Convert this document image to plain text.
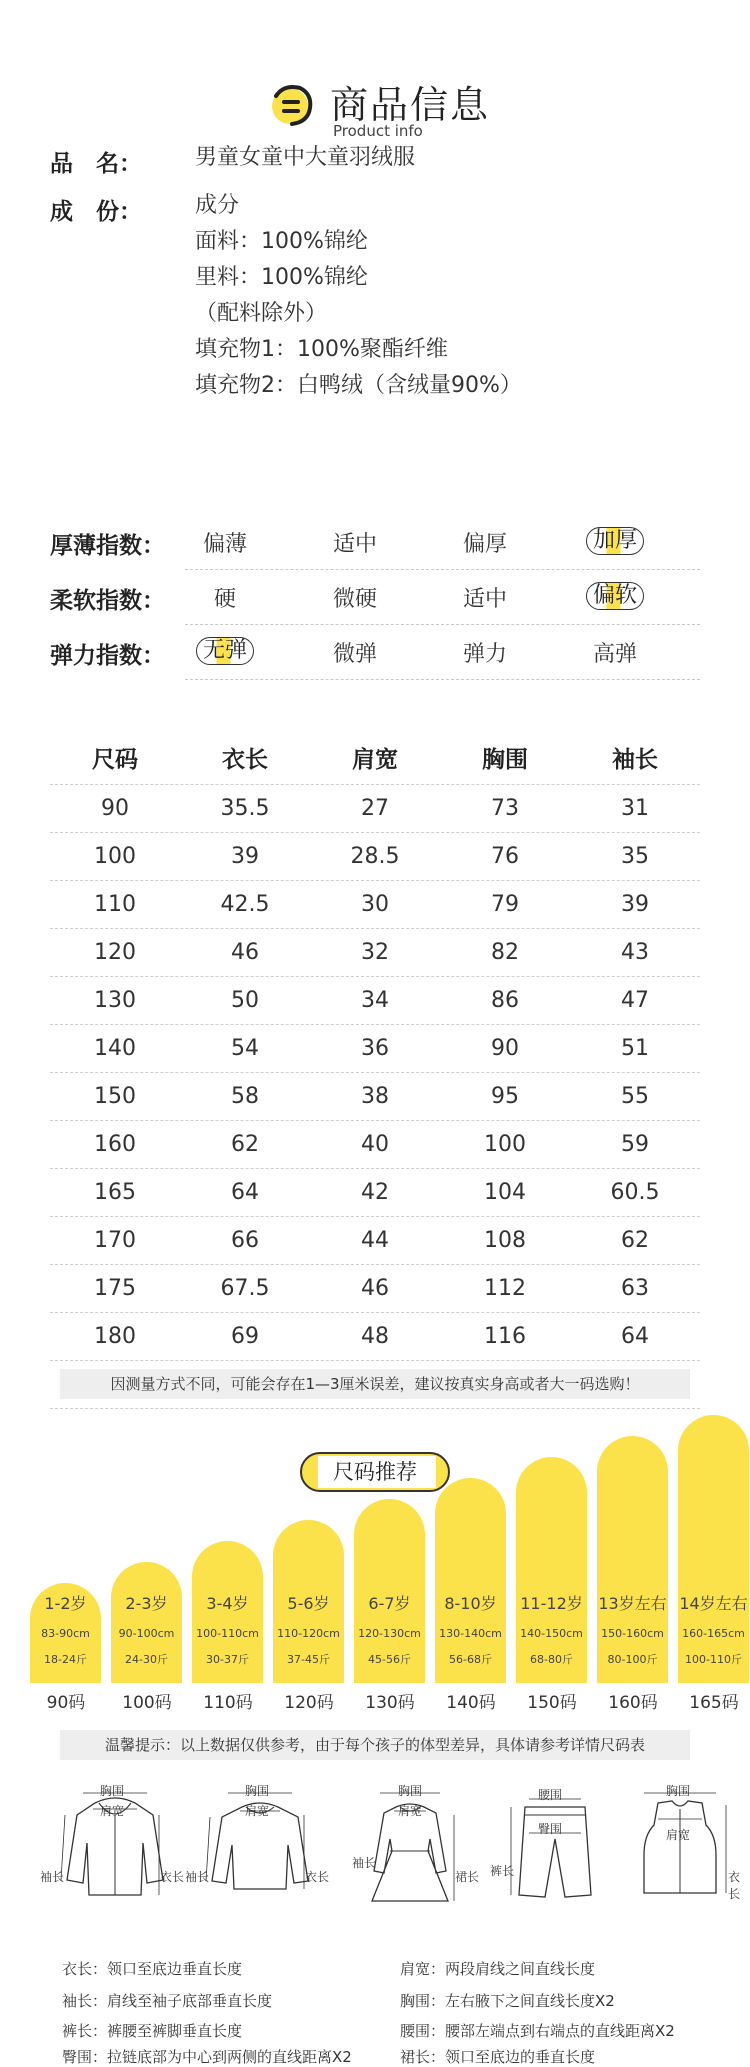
商品信息
Product info
品　名： 男童女童中大童羽绒服
成　份： 成分
面料：100%锦纶
里料：100%锦纶
（配料除外）
填充物1：100%聚酯纤维
填充物2：白鸭绒（含绒量90%）
厚薄指数：	偏薄	适中	偏厚	加厚
柔软指数：	硬	微硬	适中	偏软
弹力指数：	无弹	微弹	弹力	高弹
尺码	衣长	肩宽	胸围	袖长
90	35.5	27	73	31
100	39	28.5	76	35
110	42.5	30	79	39
120	46	32	82	43
130	50	34	86	47
140	54	36	90	51
150	58	38	95	55
160	62	40	100	59
165	64	42	104	60.5
170	66	44	108	62
175	67.5	46	112	63
180	69	48	116	64
因测量方式不同，可能会存在1—3厘米误差，建议按真实身高或者大一码选购！
尺码推荐
1-2岁
83-90cm
18-24斤
90码
2-3岁
90-100cm
24-30斤
100码
3-4岁
100-110cm
30-37斤
110码
5-6岁
110-120cm
37-45斤
120码
6-7岁
120-130cm
45-56斤
130码
8-10岁
130-140cm
56-68斤
140码
11-12岁
140-150cm
68-80斤
150码
13岁左右
150-160cm
80-100斤
160码
14岁左右
160-165cm
100-110斤
165码
温馨提示：以上数据仅供参考，由于每个孩子的体型差异，具体请参考详情尺码表
胸围
肩宽
袖长	衣长
胸围
肩宽
袖长	衣长
胸围
肩宽
袖长
裙长
腰围
臀围
裤长
胸围
肩宽
衣长
衣长：领口至底边垂直长度	肩宽：两段肩线之间直线长度
袖长：肩线至袖子底部垂直长度	胸围：左右腋下之间直线长度X2
裤长：裤腰至裤脚垂直长度	腰围：腰部左端点到右端点的直线距离X2
臀围：拉链底部为中心到两侧的直线距离X2	裙长：领口至底边的垂直长度
